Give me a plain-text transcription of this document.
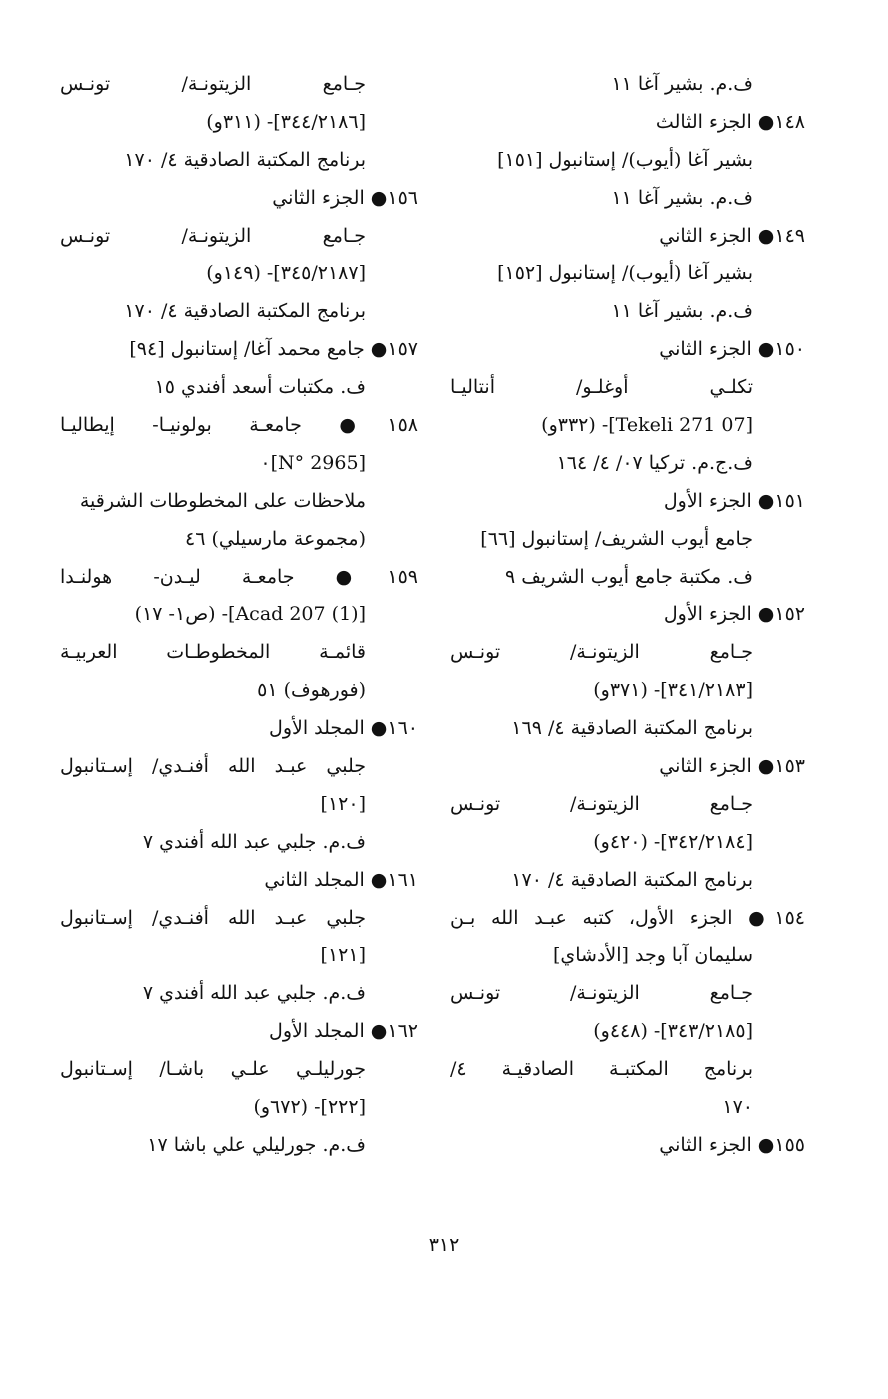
ف.م. بشير آغا ١١
١٤٨● الجزء الثالث
بشير آغا (أيوب)/ إستانبول [١٥١]
ف.م. بشير آغا ١١
١٤٩● الجزء الثاني
بشير آغا (أيوب)/ إستانبول [١٥٢]
ف.م. بشير آغا ١١
١٥٠● الجزء الثاني
تكلـي أوغلـو/ أنتاليـا
[07 Tekeli 271]- (٣٣٢و)
ف.ج.م. تركيا ٠٧/ ٤/ ١٦٤
١٥١● الجزء الأول
جامع أيوب الشريف/ إستانبول [٦٦]
ف. مكتبة جامع أيوب الشريف ٩
١٥٢● الجزء الأول
جـامع الزيتونـة/ تونـس
[٣٤١/٢١٨٣]- (٣٧١و)
برنامج المكتبة الصادقية ٤/ ١٦٩
١٥٣● الجزء الثاني
جـامع الزيتونـة/ تونـس
[٣٤٢/٢١٨٤]- (٤٢٠و)
برنامج المكتبة الصادقية ٤/ ١٧٠
١٥٤● الجزء الأول، كتبه عبـد الله بـن
سليمان آبا وجد [الأدشاي]
جـامع الزيتونـة/ تونـس
[٣٤٣/٢١٨٥]- (٤٤٨و)
برنامج المكتبـة الصادقيـة ٤/
١٧٠
١٥٥● الجزء الثاني
جـامع الزيتونـة/ تونـس
[٣٤٤/٢١٨٦]- (٣١١و)
برنامج المكتبة الصادقية ٤/ ١٧٠
١٥٦● الجزء الثاني
جـامع الزيتونـة/ تونـس
[٣٤٥/٢١٨٧]- (١٤٩و)
برنامج المكتبة الصادقية ٤/ ١٧٠
١٥٧● جامع محمد آغا/ إستانبول [٩٤]
ف. مكتبات أسعد أفندي ١٥
١٥٨● جامعـة بولونيـا- إيطاليـا
[N° 2965]٠
ملاحظات على المخطوطات الشرقية
(مجموعة مارسيلي) ٤٦
١٥٩● جامعـة ليـدن- هولنـدا
[Acad 207 (1)]- (ص١- ١٧)
قائمـة المخطوطـات العربيـة
(فورهوف) ٥١
١٦٠● المجلد الأول
جلبي عبـد الله أفنـدي/ إسـتانبول
[١٢٠]
ف.م. جلبي عبد الله أفندي ٧
١٦١● المجلد الثاني
جلبي عبـد الله أفنـدي/ إسـتانبول
[١٢١]
ف.م. جلبي عبد الله أفندي ٧
١٦٢● المجلد الأول
جورليلـي علـي باشـا/ إسـتانبول
[٢٢٢]- (٦٧٢و)
ف.م. جورليلي علي باشا ١٧
٣١٢
